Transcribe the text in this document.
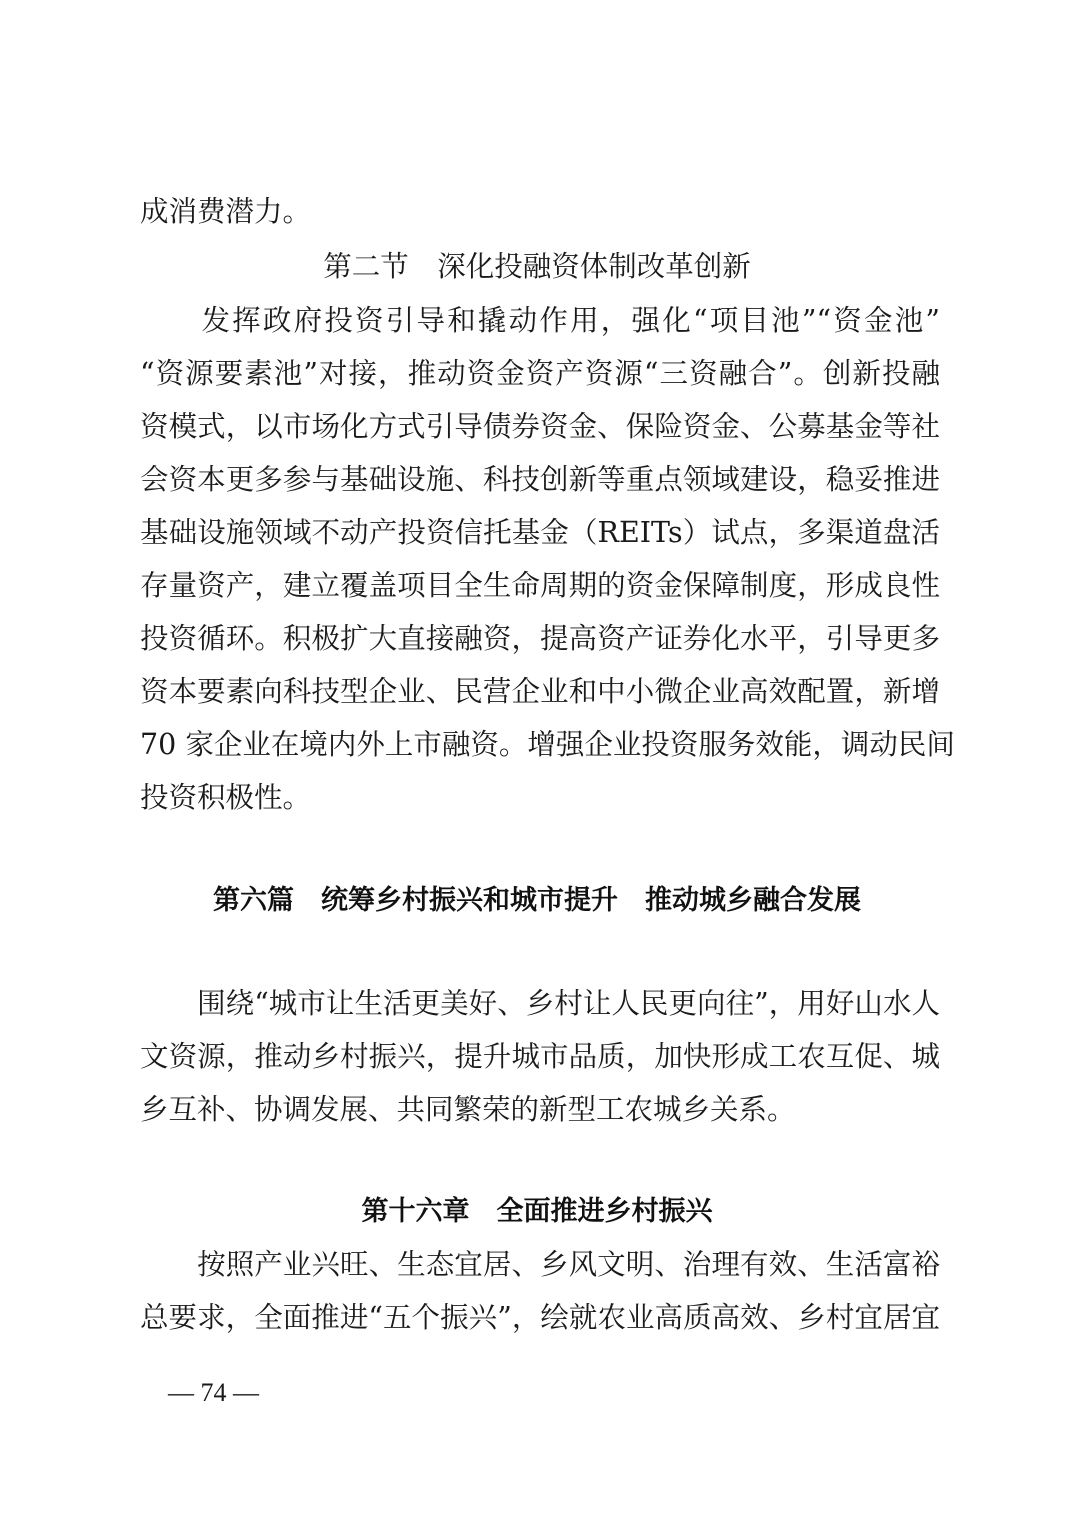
成消费潜力。
第二节　深化投融资体制改革创新
　　发挥政府投资引导和撬动作用，强化“项目池”“资金池”
“资源要素池”对接，推动资金资产资源“三资融合”。创新投融
资模式，以市场化方式引导债券资金、保险资金、公募基金等社
会资本更多参与基础设施、科技创新等重点领域建设，稳妥推进
基础设施领域不动产投资信托基金（REITs）试点，多渠道盘活
存量资产，建立覆盖项目全生命周期的资金保障制度，形成良性
投资循环。积极扩大直接融资，提高资产证券化水平，引导更多
资本要素向科技型企业、民营企业和中小微企业高效配置，新增
70 家企业在境内外上市融资。增强企业投资服务效能，调动民间
投资积极性。
第六篇　统筹乡村振兴和城市提升　推动城乡融合发展
　　围绕“城市让生活更美好、乡村让人民更向往”，用好山水人
文资源，推动乡村振兴，提升城市品质，加快形成工农互促、城
乡互补、协调发展、共同繁荣的新型工农城乡关系。
第十六章　全面推进乡村振兴
　　按照产业兴旺、生态宜居、乡风文明、治理有效、生活富裕
总要求，全面推进“五个振兴”，绘就农业高质高效、乡村宜居宜
— 74 —
